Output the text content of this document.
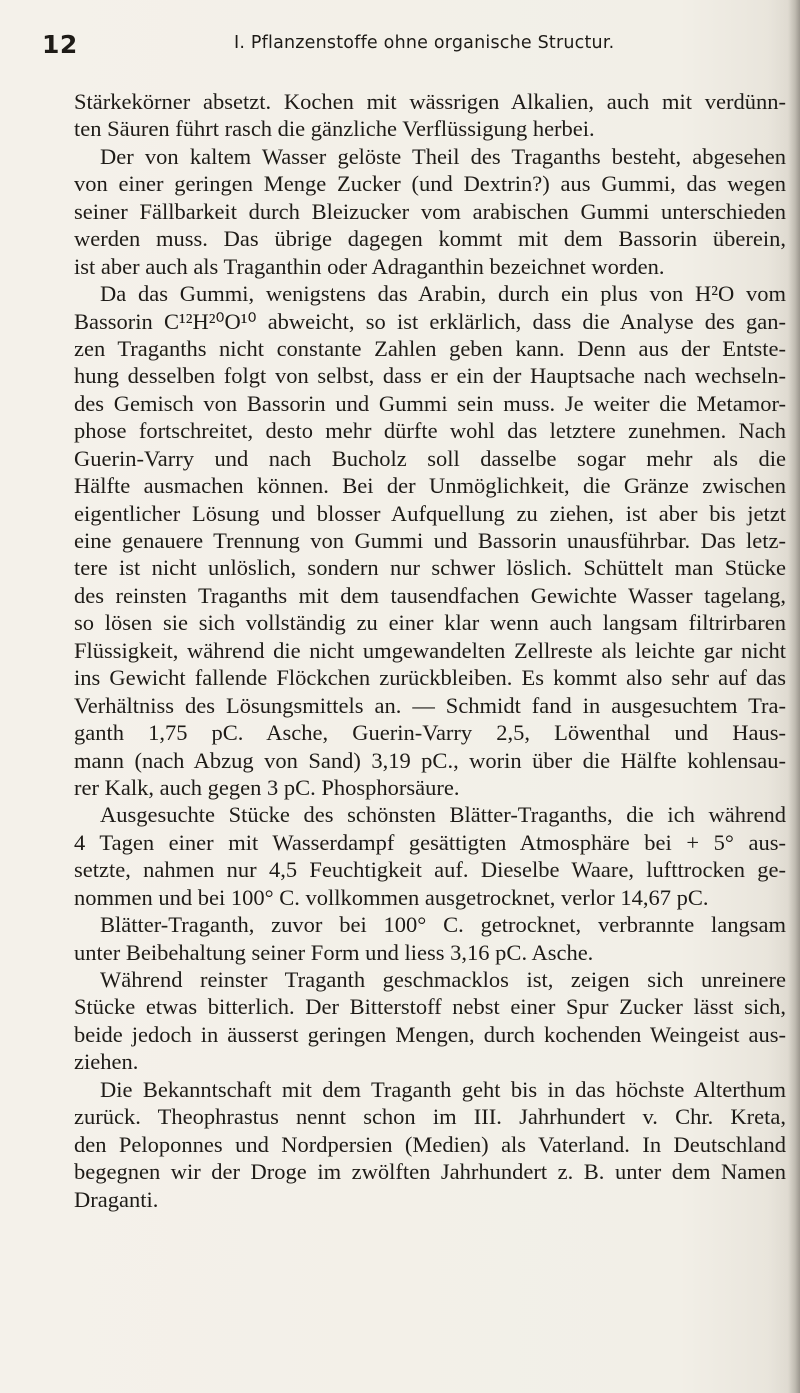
12	I. Pflanzenstoffe ohne organische Structur.
Stärkekörner absetzt. Kochen mit wässrigen Alkalien, auch mit verdünn-
ten Säuren führt rasch die gänzliche Verflüssigung herbei.
Der von kaltem Wasser gelöste Theil des Traganths besteht, abgesehen
von einer geringen Menge Zucker (und Dextrin?) aus Gummi, das wegen
seiner Fällbarkeit durch Bleizucker vom arabischen Gummi unterschieden
werden muss. Das übrige dagegen kommt mit dem Bassorin überein,
ist aber auch als Traganthin oder Adraganthin bezeichnet worden.
Da das Gummi, wenigstens das Arabin, durch ein plus von H²O vom
Bassorin C¹²H²⁰O¹⁰ abweicht, so ist erklärlich, dass die Analyse des gan-
zen Traganths nicht constante Zahlen geben kann. Denn aus der Entste-
hung desselben folgt von selbst, dass er ein der Hauptsache nach wechseln-
des Gemisch von Bassorin und Gummi sein muss. Je weiter die Metamor-
phose fortschreitet, desto mehr dürfte wohl das letztere zunehmen. Nach
Guerin-Varry und nach Bucholz soll dasselbe sogar mehr als die
Hälfte ausmachen können. Bei der Unmöglichkeit, die Gränze zwischen
eigentlicher Lösung und blosser Aufquellung zu ziehen, ist aber bis jetzt
eine genauere Trennung von Gummi und Bassorin unausführbar. Das letz-
tere ist nicht unlöslich, sondern nur schwer löslich. Schüttelt man Stücke
des reinsten Traganths mit dem tausendfachen Gewichte Wasser tagelang,
so lösen sie sich vollständig zu einer klar wenn auch langsam filtrirbaren
Flüssigkeit, während die nicht umgewandelten Zellreste als leichte gar nicht
ins Gewicht fallende Flöckchen zurückbleiben. Es kommt also sehr auf das
Verhältniss des Lösungsmittels an. — Schmidt fand in ausgesuchtem Tra-
ganth 1,75 pC. Asche, Guerin-Varry 2,5, Löwenthal und Haus-
mann (nach Abzug von Sand) 3,19 pC., worin über die Hälfte kohlensau-
rer Kalk, auch gegen 3 pC. Phosphorsäure.
Ausgesuchte Stücke des schönsten Blätter-Traganths, die ich während
4 Tagen einer mit Wasserdampf gesättigten Atmosphäre bei + 5° aus-
setzte, nahmen nur 4,5 Feuchtigkeit auf. Dieselbe Waare, lufttrocken ge-
nommen und bei 100° C. vollkommen ausgetrocknet, verlor 14,67 pC.
Blätter-Traganth, zuvor bei 100° C. getrocknet, verbrannte langsam
unter Beibehaltung seiner Form und liess 3,16 pC. Asche.
Während reinster Traganth geschmacklos ist, zeigen sich unreinere
Stücke etwas bitterlich. Der Bitterstoff nebst einer Spur Zucker lässt sich,
beide jedoch in äusserst geringen Mengen, durch kochenden Weingeist aus-
ziehen.
Die Bekanntschaft mit dem Traganth geht bis in das höchste Alterthum
zurück. Theophrastus nennt schon im III. Jahrhundert v. Chr. Kreta,
den Peloponnes und Nordpersien (Medien) als Vaterland. In Deutschland
begegnen wir der Droge im zwölften Jahrhundert z. B. unter dem Namen
Draganti.
